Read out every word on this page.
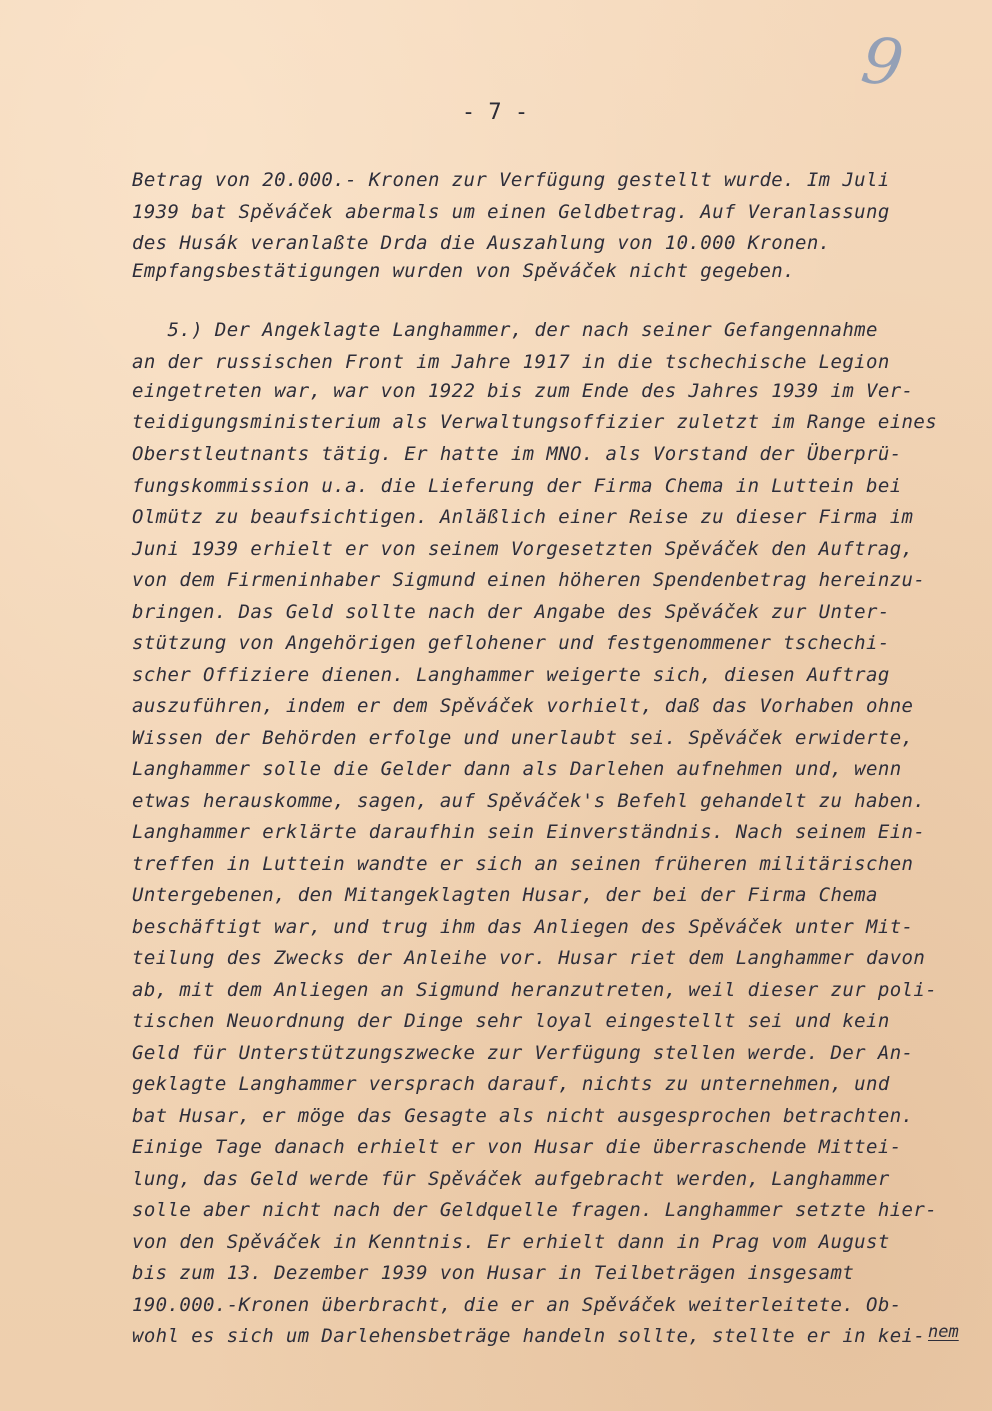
9
- 7 -
Betrag von 20.000.- Kronen zur Verfügung gestellt wurde. Im Juli
1939 bat Spěváček abermals um einen Geldbetrag. Auf Veranlassung
des Husák veranlaßte Drda die Auszahlung von 10.000 Kronen.
Empfangsbestätigungen wurden von Spěváček nicht gegeben.
5.) Der Angeklagte Langhammer, der nach seiner Gefangennahme
an der russischen Front im Jahre 1917 in die tschechische Legion
eingetreten war, war von 1922 bis zum Ende des Jahres 1939 im Ver-
teidigungsministerium als Verwaltungsoffizier zuletzt im Range eines
Oberstleutnants tätig. Er hatte im MNO. als Vorstand der Überprü-
fungskommission u.a. die Lieferung der Firma Chema in Luttein bei
Olmütz zu beaufsichtigen. Anläßlich einer Reise zu dieser Firma im
Juni 1939 erhielt er von seinem Vorgesetzten Spěváček den Auftrag,
von dem Firmeninhaber Sigmund einen höheren Spendenbetrag hereinzu-
bringen. Das Geld sollte nach der Angabe des Spěváček zur Unter-
stützung von Angehörigen geflohener und festgenommener tschechi-
scher Offiziere dienen. Langhammer weigerte sich, diesen Auftrag
auszuführen, indem er dem Spěváček vorhielt, daß das Vorhaben ohne
Wissen der Behörden erfolge und unerlaubt sei. Spěváček erwiderte,
Langhammer solle die Gelder dann als Darlehen aufnehmen und, wenn
etwas herauskomme, sagen, auf Spěváček's Befehl gehandelt zu haben.
Langhammer erklärte daraufhin sein Einverständnis. Nach seinem Ein-
treffen in Luttein wandte er sich an seinen früheren militärischen
Untergebenen, den Mitangeklagten Husar, der bei der Firma Chema
beschäftigt war, und trug ihm das Anliegen des Spěváček unter Mit-
teilung des Zwecks der Anleihe vor. Husar riet dem Langhammer davon
ab, mit dem Anliegen an Sigmund heranzutreten, weil dieser zur poli-
tischen Neuordnung der Dinge sehr loyal eingestellt sei und kein
Geld für Unterstützungszwecke zur Verfügung stellen werde. Der An-
geklagte Langhammer versprach darauf, nichts zu unternehmen, und
bat Husar, er möge das Gesagte als nicht ausgesprochen betrachten.
Einige Tage danach erhielt er von Husar die überraschende Mittei-
lung, das Geld werde für Spěváček aufgebracht werden, Langhammer
solle aber nicht nach der Geldquelle fragen. Langhammer setzte hier-
von den Spěváček in Kenntnis. Er erhielt dann in Prag vom August
bis zum 13. Dezember 1939 von Husar in Teilbeträgen insgesamt
190.000.-Kronen überbracht, die er an Spěváček weiterleitete. Ob-
wohl es sich um Darlehensbeträge handeln sollte, stellte er in kei- nem
